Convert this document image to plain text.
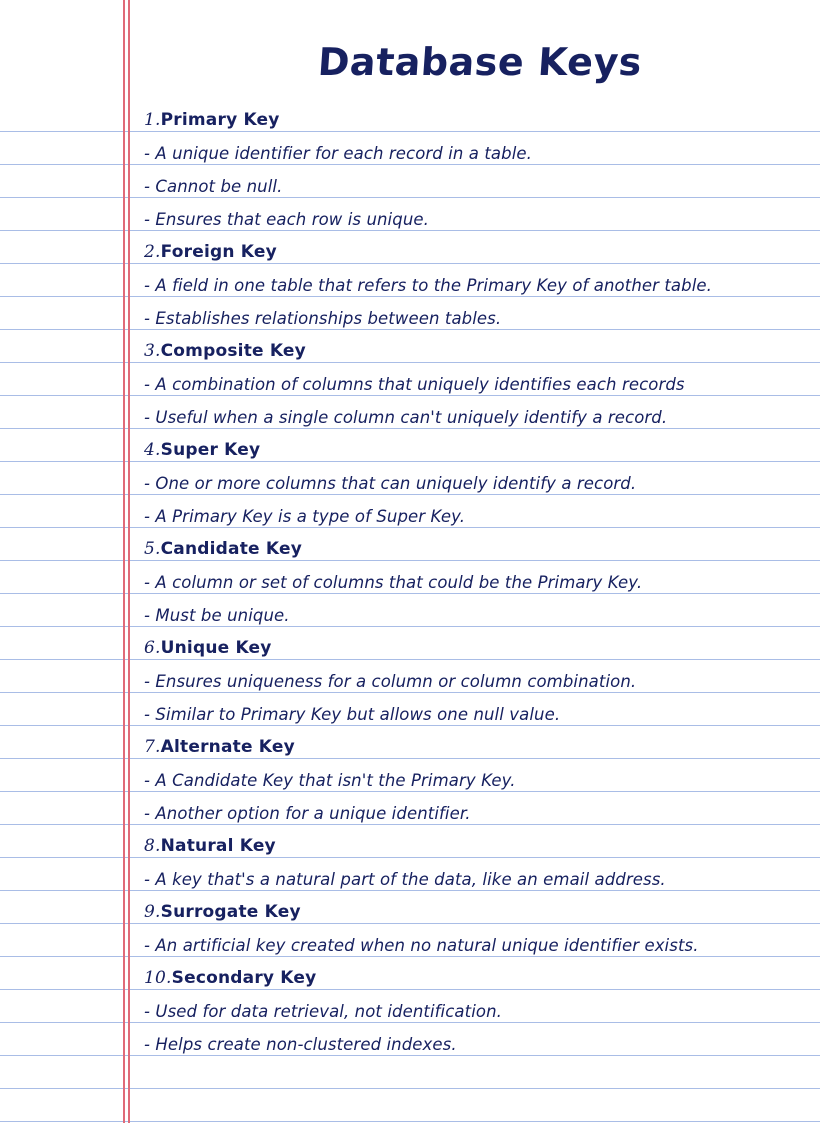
Database Keys
1.Primary Key
- A unique identifier for each record in a table.
- Cannot be null.
- Ensures that each row is unique.
2.Foreign Key
- A field in one table that refers to the Primary Key of another table.
- Establishes relationships between tables.
3.Composite Key
- A combination of columns that uniquely identifies each records
- Useful when a single column can't uniquely identify a record.
4.Super Key
- One or more columns that can uniquely identify a record.
- A Primary Key is a type of Super Key.
5.Candidate Key
- A column or set of columns that could be the Primary Key.
- Must be unique.
6.Unique Key
- Ensures uniqueness for a column or column combination.
- Similar to Primary Key but allows one null value.
7.Alternate Key
- A Candidate Key that isn't the Primary Key.
- Another option for a unique identifier.
8.Natural Key
- A key that's a natural part of the data, like an email address.
9.Surrogate Key
- An artificial key created when no natural unique identifier exists.
10.Secondary Key
- Used for data retrieval, not identification.
- Helps create non-clustered indexes.
